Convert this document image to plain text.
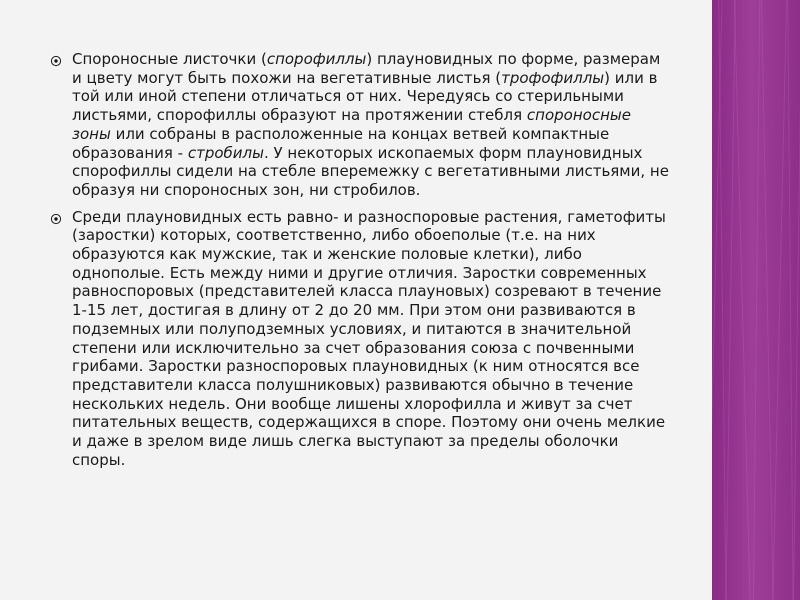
Спороносные листочки (спорофиллы) плауновидных по форме, размерам и цвету могут быть похожи на вегетативные листья (трофофиллы) или в той или иной степени отличаться от них. Чередуясь со стерильными листьями, спорофиллы образуют на протяжении стебля спороносные зоны или собраны в расположенные на концах ветвей компактные образования - стробилы. У некоторых ископаемых форм плауновидных спорофиллы сидели на стебле вперемежку с вегетативными листьями, не образуя ни спороносных зон, ни стробилов.
Среди плауновидных есть равно- и разноспоровые растения, гаметофиты (заростки) которых, соответственно, либо обоеполые (т.е. на них образуются как мужские, так и женские половые клетки), либо однополые. Есть между ними и другие отличия. Заростки современных равноспоровых (представителей класса плауновых) созревают в течение 1-15 лет, достигая в длину от 2 до 20 мм. При этом они развиваются в подземных или полуподземных условиях, и питаются в значительной степени или исключительно за счет образования союза с почвенными грибами. Заростки разноспоровых плауновидных (к ним относятся все представители класса полушниковых) развиваются обычно в течение нескольких недель. Они вообще лишены хлорофилла и живут за счет питательных веществ, содержащихся в споре. Поэтому они очень мелкие и даже в зрелом виде лишь слегка выступают за пределы оболочки споры.
